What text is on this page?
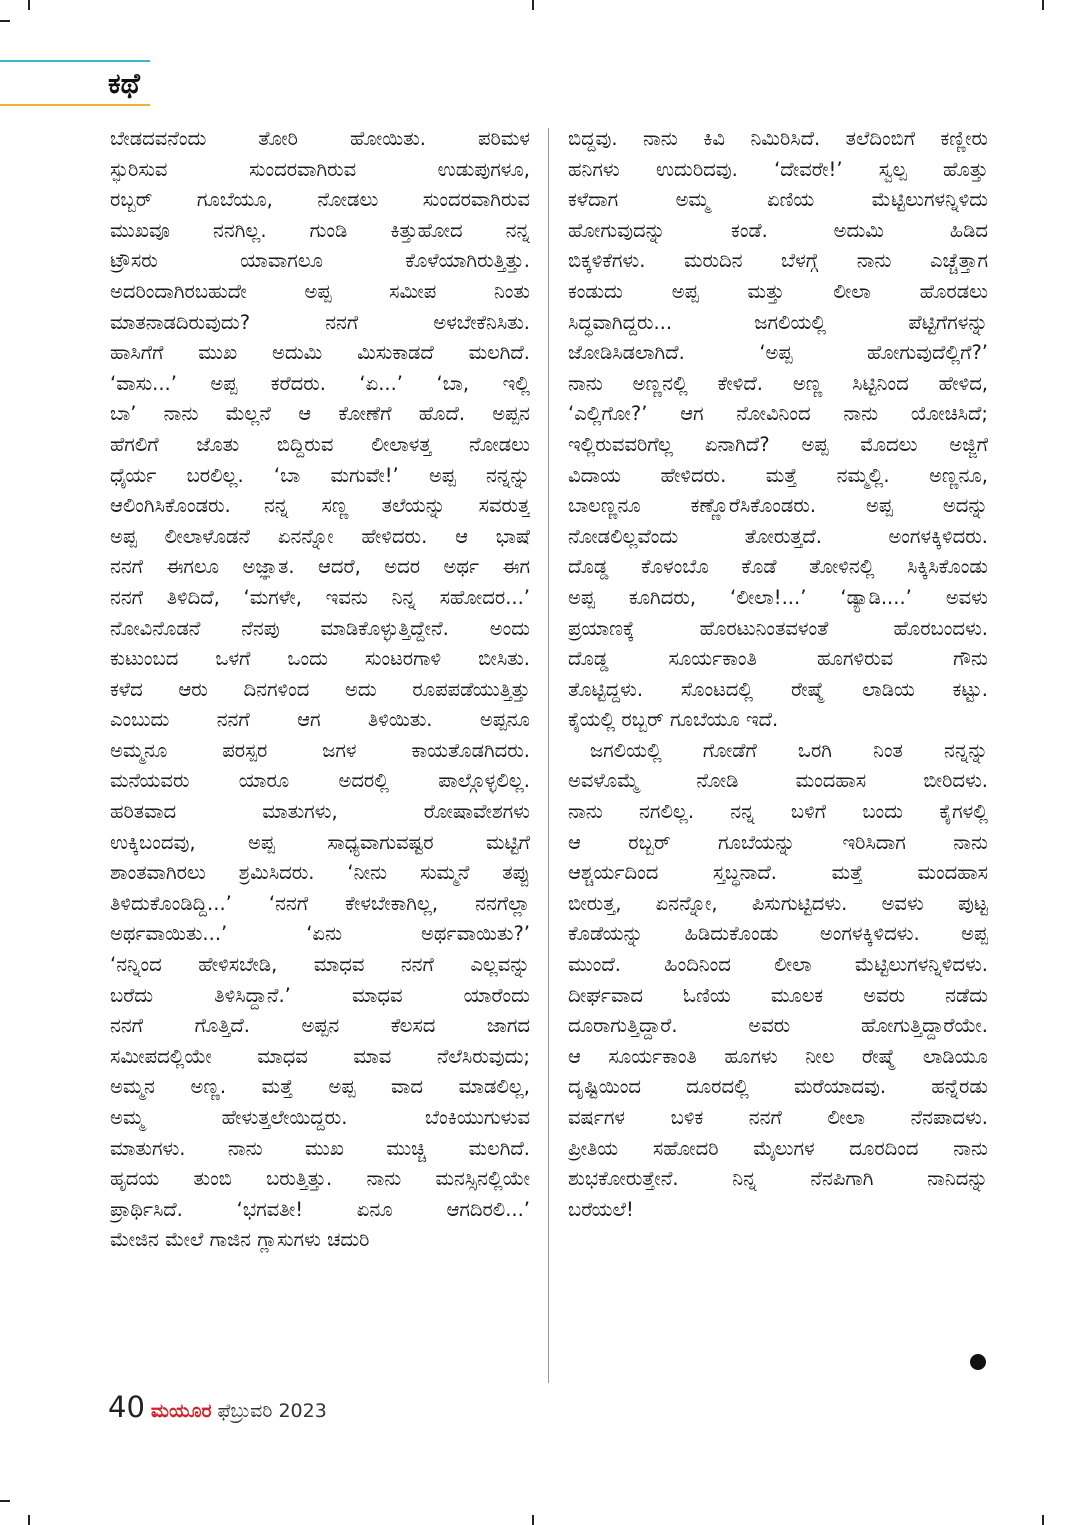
ಕಥೆ
ಬೇಡದವನೆಂದು ತೋರಿ ಹೋಯಿತು. ಪರಿಮಳ
ಸ್ಫುರಿಸುವ ಸುಂದರವಾಗಿರುವ ಉಡುಪುಗಳೂ,
ರಬ್ಬರ್ ಗೂಬೆಯೂ, ನೋಡಲು ಸುಂದರವಾಗಿರುವ
ಮುಖವೂ ನನಗಿಲ್ಲ. ಗುಂಡಿ ಕಿತ್ತುಹೋದ ನನ್ನ
ಟ್ರೌಸರು ಯಾವಾಗಲೂ ಕೊಳೆಯಾಗಿರುತ್ತಿತ್ತು.
ಅದರಿಂದಾಗಿರಬಹುದೇ ಅಪ್ಪ ಸಮೀಪ ನಿಂತು
ಮಾತನಾಡದಿರುವುದು? ನನಗೆ ಅಳಬೇಕೆನಿಸಿತು.
ಹಾಸಿಗೆಗೆ ಮುಖ ಅದುಮಿ ಮಿಸುಕಾಡದೆ ಮಲಗಿದೆ.
‘ವಾಸು...’ ಅಪ್ಪ ಕರೆದರು. ‘ಏ...’ ‘ಬಾ, ಇಲ್ಲಿ
ಬಾ’ ನಾನು ಮೆಲ್ಲನೆ ಆ ಕೋಣೆಗೆ ಹೊದೆ. ಅಪ್ಪನ
ಹೆಗಲಿಗೆ ಜೊತು ಬಿದ್ದಿರುವ ಲೀಲಾಳತ್ತ ನೋಡಲು
ಧೈರ್ಯ ಬರಲಿಲ್ಲ. ‘ಬಾ ಮಗುವೇ!’ ಅಪ್ಪ ನನ್ನನ್ನು
ಆಲಿಂಗಿಸಿಕೊಂಡರು. ನನ್ನ ಸಣ್ಣ ತಲೆಯನ್ನು ಸವರುತ್ತ
ಅಪ್ಪ ಲೀಲಾಳೊಡನೆ ಏನನ್ನೋ ಹೇಳಿದರು. ಆ ಭಾಷೆ
ನನಗೆ ಈಗಲೂ ಅಜ್ಞಾತ. ಆದರೆ, ಅದರ ಅರ್ಥ ಈಗ
ನನಗೆ ತಿಳಿದಿದೆ, ‘ಮಗಳೇ, ಇವನು ನಿನ್ನ ಸಹೋದರ...’
ನೋವಿನೊಡನೆ ನೆನಪು ಮಾಡಿಕೊಳ್ಳುತ್ತಿದ್ದೇನೆ. ಅಂದು
ಕುಟುಂಬದ ಒಳಗೆ ಒಂದು ಸುಂಟರಗಾಳಿ ಬೀಸಿತು.
ಕಳೆದ ಆರು ದಿನಗಳಿಂದ ಅದು ರೂಪಪಡೆಯುತ್ತಿತ್ತು
ಎಂಬುದು ನನಗೆ ಆಗ ತಿಳಿಯಿತು. ಅಪ್ಪನೂ
ಅಮ್ಮನೂ ಪರಸ್ಪರ ಜಗಳ ಕಾಯತೊಡಗಿದರು.
ಮನೆಯವರು ಯಾರೂ ಅದರಲ್ಲಿ ಪಾಲ್ಗೊಳ್ಳಲಿಲ್ಲ.
ಹರಿತವಾದ ಮಾತುಗಳು, ರೋಷಾವೇಶಗಳು
ಉಕ್ಕಿಬಂದವು, ಅಪ್ಪ ಸಾಧ್ಯವಾಗುವಷ್ಟರ ಮಟ್ಟಿಗೆ
ಶಾಂತವಾಗಿರಲು ಶ್ರಮಿಸಿದರು. ‘ನೀನು ಸುಮ್ಮನೆ ತಪ್ಪು
ತಿಳಿದುಕೊಂಡಿದ್ದಿ...’ ‘ನನಗೆ ಕೇಳಬೇಕಾಗಿಲ್ಲ, ನನಗೆಲ್ಲಾ
ಅರ್ಥವಾಯಿತು...’ ‘ಏನು ಅರ್ಥವಾಯಿತು?’
‘ನನ್ನಿಂದ ಹೇಳಿಸಬೇಡಿ, ಮಾಧವ ನನಗೆ ಎಲ್ಲವನ್ನು
ಬರೆದು ತಿಳಿಸಿದ್ದಾನೆ.’ ಮಾಧವ ಯಾರೆಂದು
ನನಗೆ ಗೊತ್ತಿದೆ. ಅಪ್ಪನ ಕೆಲಸದ ಜಾಗದ
ಸಮೀಪದಲ್ಲಿಯೇ ಮಾಧವ ಮಾವ ನೆಲೆಸಿರುವುದು;
ಅಮ್ಮನ ಅಣ್ಣ. ಮತ್ತೆ ಅಪ್ಪ ವಾದ ಮಾಡಲಿಲ್ಲ,
ಅಮ್ಮ ಹೇಳುತ್ತಲೇಯಿದ್ದರು. ಬೆಂಕಿಯುಗುಳುವ
ಮಾತುಗಳು. ನಾನು ಮುಖ ಮುಚ್ಚಿ ಮಲಗಿದೆ.
ಹೃದಯ ತುಂಬಿ ಬರುತ್ತಿತ್ತು. ನಾನು ಮನಸ್ಸಿನಲ್ಲಿಯೇ
ಪ್ರಾರ್ಥಿಸಿದೆ. ‘ಭಗವತೀ! ಏನೂ ಆಗದಿರಲಿ...’
ಮೇಜಿನ ಮೇಲೆ ಗಾಜಿನ ಗ್ಲಾಸುಗಳು ಚದುರಿ
ಬಿದ್ದವು. ನಾನು ಕಿವಿ ನಿಮಿರಿಸಿದೆ. ತಲೆದಿಂಬಿಗೆ ಕಣ್ಣೀರು
ಹನಿಗಳು ಉದುರಿದವು. ‘ದೇವರೇ!’ ಸ್ವಲ್ಪ ಹೊತ್ತು
ಕಳೆದಾಗ ಅಮ್ಮ ಏಣಿಯ ಮೆಟ್ಟಿಲುಗಳನ್ನಿಳಿದು
ಹೋಗುವುದನ್ನು ಕಂಡೆ. ಅದುಮಿ ಹಿಡಿದ
ಬಿಕ್ಕಳಿಕೆಗಳು. ಮರುದಿನ ಬೆಳಗ್ಗೆ ನಾನು ಎಚ್ಚೆತ್ತಾಗ
ಕಂಡುದು ಅಪ್ಪ ಮತ್ತು ಲೀಲಾ ಹೊರಡಲು
ಸಿದ್ಧವಾಗಿದ್ದರು... ಜಗಲಿಯಲ್ಲಿ ಪೆಟ್ಟಿಗೆಗಳನ್ನು
ಜೋಡಿಸಿಡಲಾಗಿದೆ. ‘ಅಪ್ಪ ಹೋಗುವುದೆಲ್ಲಿಗೆ?’
ನಾನು ಅಣ್ಣನಲ್ಲಿ ಕೇಳಿದೆ. ಅಣ್ಣ ಸಿಟ್ಟಿನಿಂದ ಹೇಳಿದ,
‘ಎಲ್ಲಿಗೋ?’ ಆಗ ನೋವಿನಿಂದ ನಾನು ಯೋಚಿಸಿದೆ;
ಇಲ್ಲಿರುವವರಿಗೆಲ್ಲ ಏನಾಗಿದೆ? ಅಪ್ಪ ಮೊದಲು ಅಜ್ಜಿಗೆ
ವಿದಾಯ ಹೇಳಿದರು. ಮತ್ತೆ ನಮ್ಮಲ್ಲಿ. ಅಣ್ಣನೂ,
ಬಾಲಣ್ಣನೂ ಕಣ್ಣೊರೆಸಿಕೊಂಡರು. ಅಪ್ಪ ಅದನ್ನು
ನೋಡಲಿಲ್ಲವೆಂದು ತೋರುತ್ತದೆ. ಅಂಗಳಕ್ಕಿಳಿದರು.
ದೊಡ್ಡ ಕೊಳಂಬೊ ಕೊಡೆ ತೋಳಿನಲ್ಲಿ ಸಿಕ್ಕಿಸಿಕೊಂಡು
ಅಪ್ಪ ಕೂಗಿದರು, ‘ಲೀಲಾ!...’ ‘ಡ್ಯಾಡಿ....’ ಅವಳು
ಪ್ರಯಾಣಕ್ಕೆ ಹೊರಟುನಿಂತವಳಂತೆ ಹೊರಬಂದಳು.
ದೊಡ್ಡ ಸೂರ್ಯಕಾಂತಿ ಹೂಗಳಿರುವ ಗೌನು
ತೊಟ್ಟಿದ್ದಳು. ಸೊಂಟದಲ್ಲಿ ರೇಷ್ಮೆ ಲಾಡಿಯ ಕಟ್ಟು.
ಕೈಯಲ್ಲಿ ರಬ್ಬರ್ ಗೂಬೆಯೂ ಇದೆ.
ಜಗಲಿಯಲ್ಲಿ ಗೋಡೆಗೆ ಒರಗಿ ನಿಂತ ನನ್ನನ್ನು
ಅವಳೊಮ್ಮೆ ನೋಡಿ ಮಂದಹಾಸ ಬೀರಿದಳು.
ನಾನು ನಗಲಿಲ್ಲ. ನನ್ನ ಬಳಿಗೆ ಬಂದು ಕೈಗಳಲ್ಲಿ
ಆ ರಬ್ಬರ್ ಗೂಬೆಯನ್ನು ಇರಿಸಿದಾಗ ನಾನು
ಆಶ್ಚರ್ಯದಿಂದ ಸ್ತಬ್ಧನಾದೆ. ಮತ್ತೆ ಮಂದಹಾಸ
ಬೀರುತ್ತ, ಏನನ್ನೋ, ಪಿಸುಗುಟ್ಟಿದಳು. ಅವಳು ಪುಟ್ಟ
ಕೊಡೆಯನ್ನು ಹಿಡಿದುಕೊಂಡು ಅಂಗಳಕ್ಕಿಳಿದಳು. ಅಪ್ಪ
ಮುಂದೆ. ಹಿಂದಿನಿಂದ ಲೀಲಾ ಮೆಟ್ಟಿಲುಗಳನ್ನಿಳಿದಳು.
ದೀರ್ಘವಾದ ಓಣಿಯ ಮೂಲಕ ಅವರು ನಡೆದು
ದೂರಾಗುತ್ತಿದ್ದಾರೆ. ಅವರು ಹೋಗುತ್ತಿದ್ದಾರೆಯೇ.
ಆ ಸೂರ್ಯಕಾಂತಿ ಹೂಗಳು ನೀಲ ರೇಷ್ಮೆ ಲಾಡಿಯೂ
ದೃಷ್ಟಿಯಿಂದ ದೂರದಲ್ಲಿ ಮರೆಯಾದವು. ಹನ್ನೆರಡು
ವರ್ಷಗಳ ಬಳಿಕ ನನಗೆ ಲೀಲಾ ನೆನಪಾದಳು.
ಪ್ರೀತಿಯ ಸಹೋದರಿ ಮೈಲುಗಳ ದೂರದಿಂದ ನಾನು
ಶುಭಕೋರುತ್ತೇನೆ. ನಿನ್ನ ನೆನಪಿಗಾಗಿ ನಾನಿದನ್ನು
ಬರೆಯಲೆ!
40 ಮಯೂರ ಫೆಬ್ರುವರಿ 2023
